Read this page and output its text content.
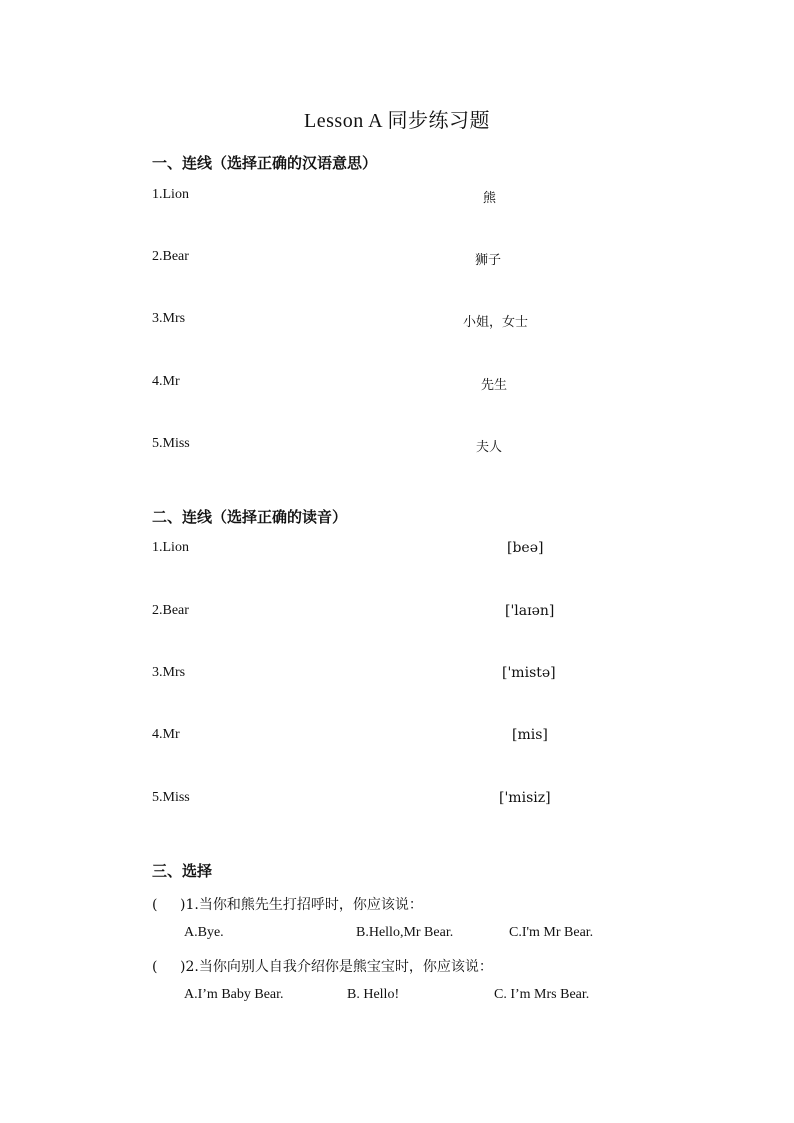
Lesson A 同步练习题
一、连线（选择正确的汉语意思）
1.Lion	熊
2.Bear	狮子
3.Mrs	小姐，女士
4.Mr	先生
5.Miss	夫人
二、连线（选择正确的读音）
1.Lion	[beə]
2.Bear	['laɪən]
3.Mrs	['mistə]
4.Mr	[mis]
5.Miss	['misiz]
三、选择
( )1.当你和熊先生打招呼时，你应该说：
A.Bye.	B.Hello,Mr Bear.	C.I'm Mr Bear.
( )2.当你向别人自我介绍你是熊宝宝时，你应该说：
A.I’m Baby Bear.	B. Hello!	C. I’m Mrs Bear.
